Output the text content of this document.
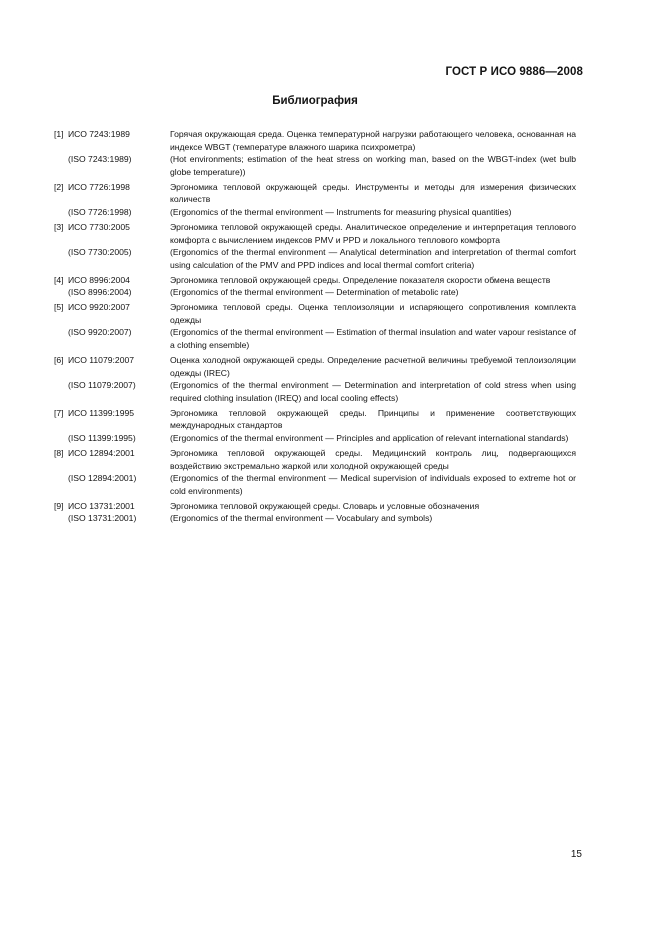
ГОСТ Р ИСО 9886—2008
Библиография
[1] ИСО 7243:1989	Горячая окружающая среда. Оценка температурной нагрузки работающего человека, основанная на индексе WBGT (температуре влажного шарика психрометра)
(ISO 7243:1989)	(Hot environments; estimation of the heat stress on working man, based on the WBGT-index (wet bulb globe temperature))
[2] ИСО 7726:1998	Эргономика тепловой окружающей среды. Инструменты и методы для измерения физических количеств
(ISO 7726:1998)	(Ergonomics of the thermal environment — Instruments for measuring physical quantities)
[3] ИСО 7730:2005	Эргономика тепловой окружающей среды. Аналитическое определение и интерпретация теплового комфорта с вычислением индексов PMV и PPD и локального теплового комфорта
(ISO 7730:2005)	(Ergonomics of the thermal environment — Analytical determination and interpretation of thermal comfort using calculation of the PMV and PPD indices and local thermal comfort criteria)
[4] ИСО 8996:2004	Эргономика тепловой окружающей среды. Определение показателя скорости обмена веществ
(ISO 8996:2004)	(Ergonomics of the thermal environment — Determination of metabolic rate)
[5] ИСО 9920:2007	Эргономика тепловой среды. Оценка теплоизоляции и испаряющего сопротивления комплекта одежды
(ISO 9920:2007)	(Ergonomics of the thermal environment — Estimation of thermal insulation and water vapour resistance of a clothing ensemble)
[6] ИСО 11079:2007	Оценка холодной окружающей среды. Определение расчетной величины требуемой теплоизоляции одежды (IREC)
(ISO 11079:2007)	(Ergonomics of the thermal environment — Determination and interpretation of cold stress when using required clothing insulation (IREQ) and local cooling effects)
[7] ИСО 11399:1995	Эргономика тепловой окружающей среды. Принципы и применение соответствующих международных стандартов
(ISO 11399:1995)	(Ergonomics of the thermal environment — Principles and application of relevant international standards)
[8] ИСО 12894:2001	Эргономика тепловой окружающей среды. Медицинский контроль лиц, подвергающихся воздействию экстремально жаркой или холодной окружающей среды
(ISO 12894:2001)	(Ergonomics of the thermal environment — Medical supervision of individuals exposed to extreme hot or cold environments)
[9] ИСО 13731:2001	Эргономика тепловой окружающей среды. Словарь и условные обозначения
(ISO 13731:2001)	(Ergonomics of the thermal environment — Vocabulary and symbols)
15
